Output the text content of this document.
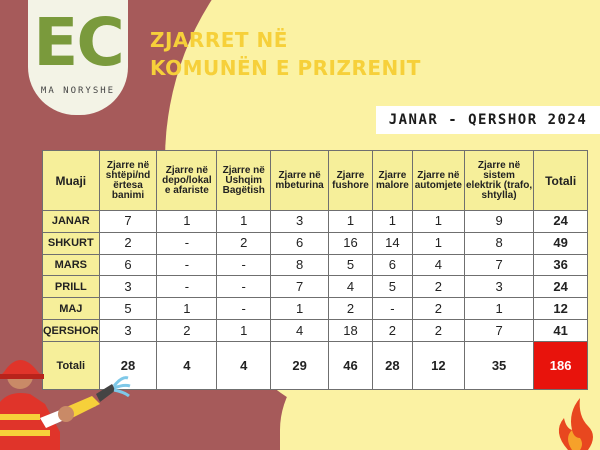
EC
MA NORYSHE
ZJARRET NË
KOMUNËN E PRIZRENIT
JANAR - QERSHOR 2024
Muaji	Zjarre në shtëpi/nd ërtesa banimi	Zjarre në depo/lokal e afariste	Zjarre në Ushqim Bagëtish	Zjarre në mbeturina	Zjarre fushore	Zjarre malore	Zjarre në automjete	Zjarre në sistem elektrik (trafo, shtylla)	Totali
JANAR	7	1	1	3	1	1	1	9	24
SHKURT	2	-	2	6	16	14	1	8	49
MARS	6	-	-	8	5	6	4	7	36
PRILL	3	-	-	7	4	5	2	3	24
MAJ	5	1	-	1	2	-	2	1	12
QERSHOR	3	2	1	4	18	2	2	7	41
Totali	28	4	4	29	46	28	12	35	186
